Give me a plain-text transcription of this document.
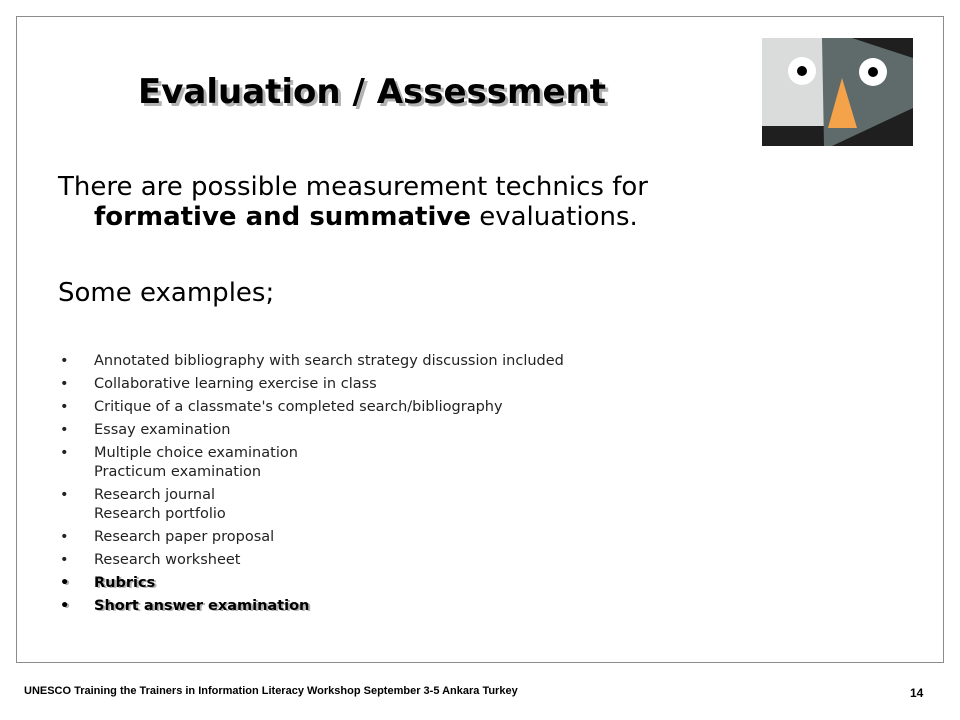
Evaluation / Assessment
There are possible measurement technics for
formative and summative evaluations.
Some examples;
• Annotated bibliography with search strategy discussion included
• Collaborative learning exercise in class
• Critique of a classmate's completed search/bibliography
• Essay examination
• Multiple choice examination
Practicum examination
• Research journal
Research portfolio
• Research paper proposal
• Research worksheet
• Rubrics
• Short answer examination
UNESCO Training the Trainers in Information Literacy Workshop September 3-5 Ankara Turkey	14
